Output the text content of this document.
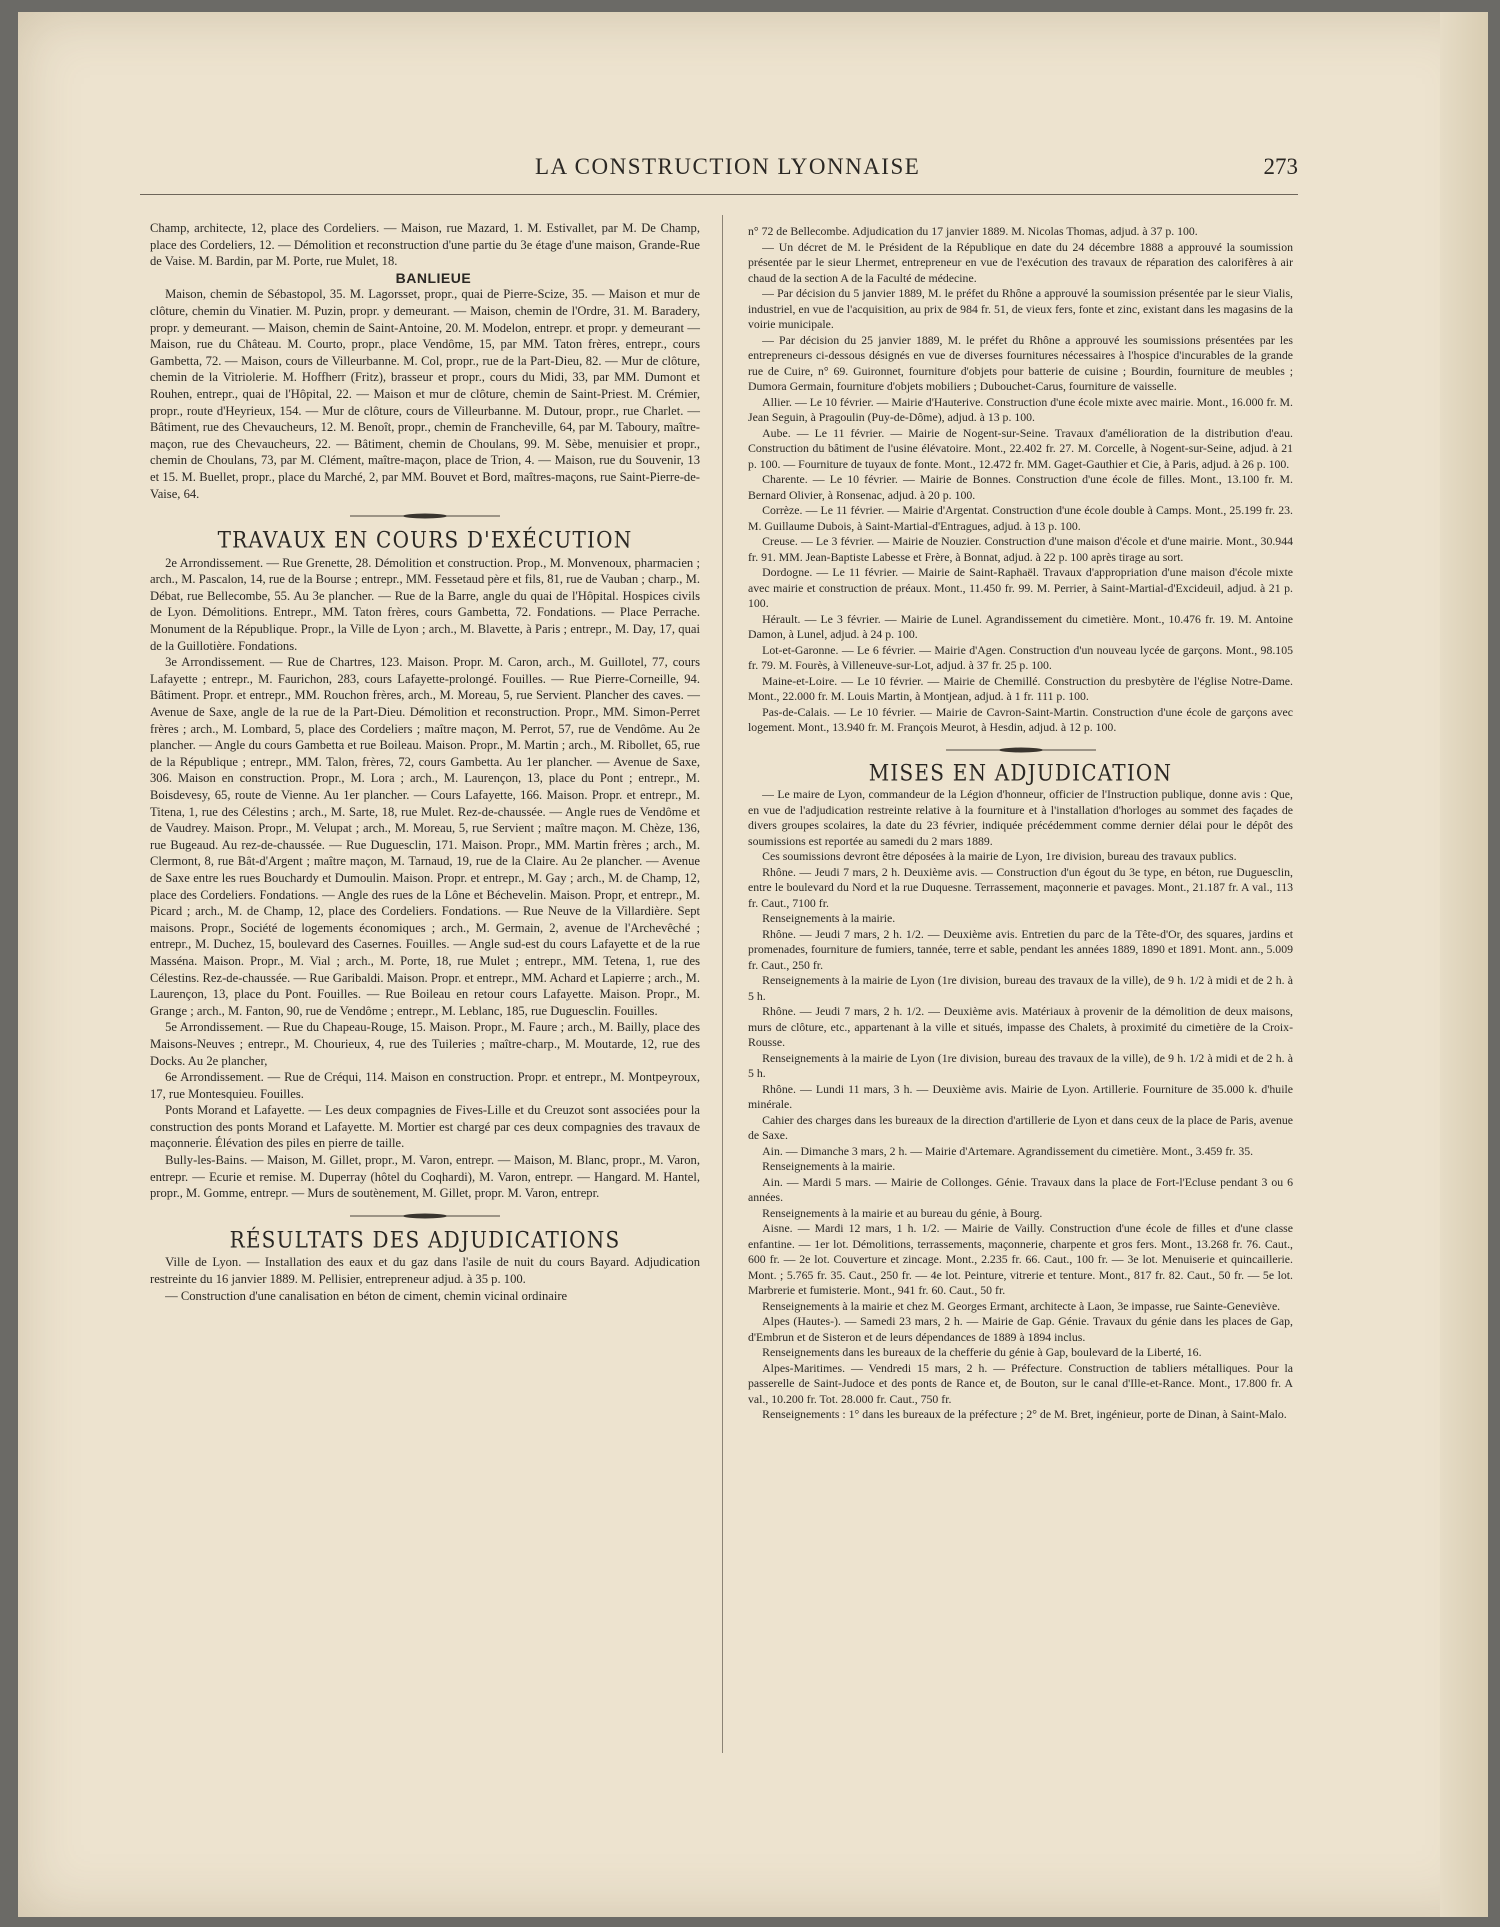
LA CONSTRUCTION LYONNAISE	273

Champ, architecte, 12, place des Cordeliers. — Maison, rue Mazard, 1. M. Estivallet, par M. De Champ, place des Cordeliers, 12. — Démolition et reconstruction d'une partie du 3e étage d'une maison, Grande-Rue de Vaise. M. Bardin, par M. Porte, rue Mulet, 18.

BANLIEUE

Maison, chemin de Sébastopol, 35. M. Lagorsset, propr., quai de Pierre-Scize, 35. — Maison et mur de clôture, chemin du Vinatier. M. Puzin, propr. y demeurant. — Maison, chemin de l'Ordre, 31. M. Baradery, propr. y demeurant. — Maison, chemin de Saint-Antoine, 20. M. Modelon, entrepr. et propr. y demeurant — Maison, rue du Château. M. Courto, propr., place Vendôme, 15, par MM. Taton frères, entrepr., cours Gambetta, 72. — Maison, cours de Villeurbanne. M. Col, propr., rue de la Part-Dieu, 82. — Mur de clôture, chemin de la Vitriolerie. M. Hoffherr (Fritz), brasseur et propr., cours du Midi, 33, par MM. Dumont et Rouhen, entrepr., quai de l'Hôpital, 22. — Maison et mur de clôture, chemin de Saint-Priest. M. Crémier, propr., route d'Heyrieux, 154. — Mur de clôture, cours de Villeurbanne. M. Dutour, propr., rue Charlet. — Bâtiment, rue des Chevaucheurs, 12. M. Benoît, propr., chemin de Francheville, 64, par M. Taboury, maître-maçon, rue des Chevaucheurs, 22. — Bâtiment, chemin de Choulans, 99. M. Sèbe, menuisier et propr., chemin de Choulans, 73, par M. Clément, maître-maçon, place de Trion, 4. — Maison, rue du Souvenir, 13 et 15. M. Buellet, propr., place du Marché, 2, par MM. Bouvet et Bord, maîtres-maçons, rue Saint-Pierre-de-Vaise, 64.

TRAVAUX EN COURS D'EXÉCUTION

2e Arrondissement. — Rue Grenette, 28. Démolition et construction. Prop., M. Monvenoux, pharmacien ; arch., M. Pascalon, 14, rue de la Bourse ; entrepr., MM. Fessetaud père et fils, 81, rue de Vauban ; charp., M. Débat, rue Bellecombe, 55. Au 3e plancher. — Rue de la Barre, angle du quai de l'Hôpital. Hospices civils de Lyon. Démolitions. Entrepr., MM. Taton frères, cours Gambetta, 72. Fondations. — Place Perrache. Monument de la République. Propr., la Ville de Lyon ; arch., M. Blavette, à Paris ; entrepr., M. Day, 17, quai de la Guillotière. Fondations.

3e Arrondissement. — Rue de Chartres, 123. Maison. Propr. M. Caron, arch., M. Guillotel, 77, cours Lafayette ; entrepr., M. Faurichon, 283, cours Lafayette-prolongé. Fouilles. — Rue Pierre-Corneille, 94. Bâtiment. Propr. et entrepr., MM. Rouchon frères, arch., M. Moreau, 5, rue Servient. Plancher des caves. — Avenue de Saxe, angle de la rue de la Part-Dieu. Démolition et reconstruction. Propr., MM. Simon-Perret frères ; arch., M. Lombard, 5, place des Cordeliers ; maître maçon, M. Perrot, 57, rue de Vendôme. Au 2e plancher. — Angle du cours Gambetta et rue Boileau. Maison. Propr., M. Martin ; arch., M. Ribollet, 65, rue de la République ; entrepr., MM. Talon, frères, 72, cours Gambetta. Au 1er plancher. — Avenue de Saxe, 306. Maison en construction. Propr., M. Lora ; arch., M. Laurençon, 13, place du Pont ; entrepr., M. Boisdevesy, 65, route de Vienne. Au 1er plancher. — Cours Lafayette, 166. Maison. Propr. et entrepr., M. Titena, 1, rue des Célestins ; arch., M. Sarte, 18, rue Mulet. Rez-de-chaussée. — Angle rues de Vendôme et de Vaudrey. Maison. Propr., M. Velupat ; arch., M. Moreau, 5, rue Servient ; maître maçon. M. Chèze, 136, rue Bugeaud. Au rez-de-chaussée. — Rue Duguesclin, 171. Maison. Propr., MM. Martin frères ; arch., M. Clermont, 8, rue Bât-d'Argent ; maître maçon, M. Tarnaud, 19, rue de la Claire. Au 2e plancher. — Avenue de Saxe entre les rues Bouchardy et Dumoulin. Maison. Propr. et entrepr., M. Gay ; arch., M. de Champ, 12, place des Cordeliers. Fondations. — Angle des rues de la Lône et Béchevelin. Maison. Propr, et entrepr., M. Picard ; arch., M. de Champ, 12, place des Cordeliers. Fondations. — Rue Neuve de la Villardière. Sept maisons. Propr., Société de logements économiques ; arch., M. Germain, 2, avenue de l'Archevêché ; entrepr., M. Duchez, 15, boulevard des Casernes. Fouilles. — Angle sud-est du cours Lafayette et de la rue Masséna. Maison. Propr., M. Vial ; arch., M. Porte, 18, rue Mulet ; entrepr., MM. Tetena, 1, rue des Célestins. Rez-de-chaussée. — Rue Garibaldi. Maison. Propr. et entrepr., MM. Achard et Lapierre ; arch., M. Laurençon, 13, place du Pont. Fouilles. — Rue Boileau en retour cours Lafayette. Maison. Propr., M. Grange ; arch., M. Fanton, 90, rue de Vendôme ; entrepr., M. Leblanc, 185, rue Duguesclin. Fouilles.

5e Arrondissement. — Rue du Chapeau-Rouge, 15. Maison. Propr., M. Faure ; arch., M. Bailly, place des Maisons-Neuves ; entrepr., M. Chourieux, 4, rue des Tuileries ; maître-charp., M. Moutarde, 12, rue des Docks. Au 2e plancher,

6e Arrondissement. — Rue de Créqui, 114. Maison en construction. Propr. et entrepr., M. Montpeyroux, 17, rue Montesquieu. Fouilles.

Ponts Morand et Lafayette. — Les deux compagnies de Fives-Lille et du Creuzot sont associées pour la construction des ponts Morand et Lafayette. M. Mortier est chargé par ces deux compagnies des travaux de maçonnerie. Élévation des piles en pierre de taille.

Bully-les-Bains. — Maison, M. Gillet, propr., M. Varon, entrepr. — Maison, M. Blanc, propr., M. Varon, entrepr. — Ecurie et remise. M. Duperray (hôtel du Coqhardi), M. Varon, entrepr. — Hangard. M. Hantel, propr., M. Gomme, entrepr. — Murs de soutènement, M. Gillet, propr. M. Varon, entrepr.

RÉSULTATS DES ADJUDICATIONS

Ville de Lyon. — Installation des eaux et du gaz dans l'asile de nuit du cours Bayard. Adjudication restreinte du 16 janvier 1889. M. Pellisier, entrepreneur adjud. à 35 p. 100.

— Construction d'une canalisation en béton de ciment, chemin vicinal ordinaire

n° 72 de Bellecombe. Adjudication du 17 janvier 1889. M. Nicolas Thomas, adjud. à 37 p. 100.

— Un décret de M. le Président de la République en date du 24 décembre 1888 a approuvé la soumission présentée par le sieur Lhermet, entrepreneur en vue de l'exécution des travaux de réparation des calorifères à air chaud de la section A de la Faculté de médecine.

— Par décision du 5 janvier 1889, M. le préfet du Rhône a approuvé la soumission présentée par le sieur Vialis, industriel, en vue de l'acquisition, au prix de 984 fr. 51, de vieux fers, fonte et zinc, existant dans les magasins de la voirie municipale.

— Par décision du 25 janvier 1889, M. le préfet du Rhône a approuvé les soumissions présentées par les entrepreneurs ci-dessous désignés en vue de diverses fournitures nécessaires à l'hospice d'incurables de la grande rue de Cuire, n° 69. Guironnet, fourniture d'objets pour batterie de cuisine ; Bourdin, fourniture de meubles ; Dumora Germain, fourniture d'objets mobiliers ; Dubouchet-Carus, fourniture de vaisselle.

Allier. — Le 10 février. — Mairie d'Hauterive. Construction d'une école mixte avec mairie. Mont., 16.000 fr. M. Jean Seguin, à Pragoulin (Puy-de-Dôme), adjud. à 13 p. 100.

Aube. — Le 11 février. — Mairie de Nogent-sur-Seine. Travaux d'amélioration de la distribution d'eau. Construction du bâtiment de l'usine élévatoire. Mont., 22.402 fr. 27. M. Corcelle, à Nogent-sur-Seine, adjud. à 21 p. 100. — Fourniture de tuyaux de fonte. Mont., 12.472 fr. MM. Gaget-Gauthier et Cie, à Paris, adjud. à 26 p. 100.

Charente. — Le 10 février. — Mairie de Bonnes. Construction d'une école de filles. Mont., 13.100 fr. M. Bernard Olivier, à Ronsenac, adjud. à 20 p. 100.

Corrèze. — Le 11 février. — Mairie d'Argentat. Construction d'une école double à Camps. Mont., 25.199 fr. 23. M. Guillaume Dubois, à Saint-Martial-d'Entragues, adjud. à 13 p. 100.

Creuse. — Le 3 février. — Mairie de Nouzier. Construction d'une maison d'école et d'une mairie. Mont., 30.944 fr. 91. MM. Jean-Baptiste Labesse et Frère, à Bonnat, adjud. à 22 p. 100 après tirage au sort.

Dordogne. — Le 11 février. — Mairie de Saint-Raphaël. Travaux d'appropriation d'une maison d'école mixte avec mairie et construction de préaux. Mont., 11.450 fr. 99. M. Perrier, à Saint-Martial-d'Excideuil, adjud. à 21 p. 100.

Hérault. — Le 3 février. — Mairie de Lunel. Agrandissement du cimetière. Mont., 10.476 fr. 19. M. Antoine Damon, à Lunel, adjud. à 24 p. 100.

Lot-et-Garonne. — Le 6 février. — Mairie d'Agen. Construction d'un nouveau lycée de garçons. Mont., 98.105 fr. 79. M. Fourès, à Villeneuve-sur-Lot, adjud. à 37 fr. 25 p. 100.

Maine-et-Loire. — Le 10 février. — Mairie de Chemillé. Construction du presbytère de l'église Notre-Dame. Mont., 22.000 fr. M. Louis Martin, à Montjean, adjud. à 1 fr. 111 p. 100.

Pas-de-Calais. — Le 10 février. — Mairie de Cavron-Saint-Martin. Construction d'une école de garçons avec logement. Mont., 13.940 fr. M. François Meurot, à Hesdin, adjud. à 12 p. 100.

MISES EN ADJUDICATION

— Le maire de Lyon, commandeur de la Légion d'honneur, officier de l'Instruction publique, donne avis : Que, en vue de l'adjudication restreinte relative à la fourniture et à l'installation d'horloges au sommet des façades de divers groupes scolaires, la date du 23 février, indiquée précédemment comme dernier délai pour le dépôt des soumissions est reportée au samedi du 2 mars 1889.

Ces soumissions devront être déposées à la mairie de Lyon, 1re division, bureau des travaux publics.

Rhône. — Jeudi 7 mars, 2 h. Deuxième avis. — Construction d'un égout du 3e type, en béton, rue Duguesclin, entre le boulevard du Nord et la rue Duquesne. Terrassement, maçonnerie et pavages. Mont., 21.187 fr. A val., 113 fr. Caut., 7100 fr.

Renseignements à la mairie.

Rhône. — Jeudi 7 mars, 2 h. 1/2. — Deuxième avis. Entretien du parc de la Tête-d'Or, des squares, jardins et promenades, fourniture de fumiers, tannée, terre et sable, pendant les années 1889, 1890 et 1891. Mont. ann., 5.009 fr. Caut., 250 fr.

Renseignements à la mairie de Lyon (1re division, bureau des travaux de la ville), de 9 h. 1/2 à midi et de 2 h. à 5 h.

Rhône. — Jeudi 7 mars, 2 h. 1/2. — Deuxième avis. Matériaux à provenir de la démolition de deux maisons, murs de clôture, etc., appartenant à la ville et situés, impasse des Chalets, à proximité du cimetière de la Croix-Rousse.

Renseignements à la mairie de Lyon (1re division, bureau des travaux de la ville), de 9 h. 1/2 à midi et de 2 h. à 5 h.

Rhône. — Lundi 11 mars, 3 h. — Deuxième avis. Mairie de Lyon. Artillerie. Fourniture de 35.000 k. d'huile minérale.

Cahier des charges dans les bureaux de la direction d'artillerie de Lyon et dans ceux de la place de Paris, avenue de Saxe.

Ain. — Dimanche 3 mars, 2 h. — Mairie d'Artemare. Agrandissement du cimetière. Mont., 3.459 fr. 35.

Renseignements à la mairie.

Ain. — Mardi 5 mars. — Mairie de Collonges. Génie. Travaux dans la place de Fort-l'Ecluse pendant 3 ou 6 années.

Renseignements à la mairie et au bureau du génie, à Bourg.

Aisne. — Mardi 12 mars, 1 h. 1/2. — Mairie de Vailly. Construction d'une école de filles et d'une classe enfantine. — 1er lot. Démolitions, terrassements, maçonnerie, charpente et gros fers. Mont., 13.268 fr. 76. Caut., 600 fr. — 2e lot. Couverture et zincage. Mont., 2.235 fr. 66. Caut., 100 fr. — 3e lot. Menuiserie et quincaillerie. Mont. ; 5.765 fr. 35. Caut., 250 fr. — 4e lot. Peinture, vitrerie et tenture. Mont., 817 fr. 82. Caut., 50 fr. — 5e lot. Marbrerie et fumisterie. Mont., 941 fr. 60. Caut., 50 fr.

Renseignements à la mairie et chez M. Georges Ermant, architecte à Laon, 3e impasse, rue Sainte-Geneviève.

Alpes (Hautes-). — Samedi 23 mars, 2 h. — Mairie de Gap. Génie. Travaux du génie dans les places de Gap, d'Embrun et de Sisteron et de leurs dépendances de 1889 à 1894 inclus.

Renseignements dans les bureaux de la chefferie du génie à Gap, boulevard de la Liberté, 16.

Alpes-Maritimes. — Vendredi 15 mars, 2 h. — Préfecture. Construction de tabliers métalliques. Pour la passerelle de Saint-Judoce et des ponts de Rance et, de Bouton, sur le canal d'Ille-et-Rance. Mont., 17.800 fr. A val., 10.200 fr. Tot. 28.000 fr. Caut., 750 fr.

Renseignements : 1° dans les bureaux de la préfecture ; 2° de M. Bret, ingénieur, porte de Dinan, à Saint-Malo.
